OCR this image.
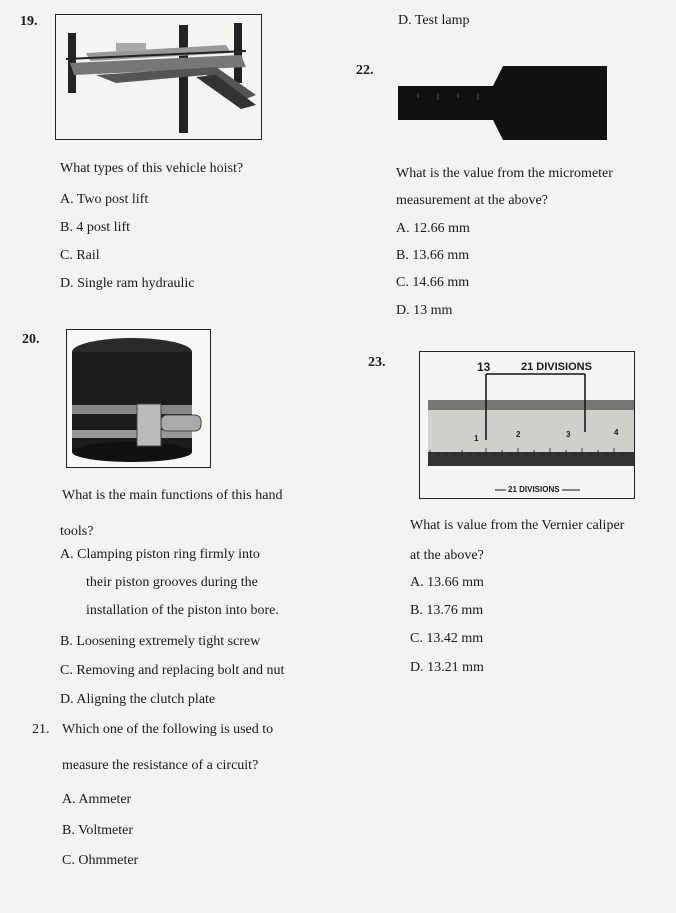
19.
What types of this vehicle hoist?
A. Two post lift
B. 4 post lift
C. Rail
D. Single ram hydraulic
D. Test lamp
22.
What is the value from the micrometer
measurement at the above?
A. 12.66 mm
B. 13.66 mm
C. 14.66 mm
D. 13 mm
20.
What is the main functions of this hand
tools?
A. Clamping piston ring firmly into
their piston grooves during the
installation of the piston into bore.
B. Loosening extremely tight screw
C. Removing and replacing bolt and nut
D. Aligning the clutch plate
23.	13	21 DIVISIONS
1	2	3	4
21 DIVISIONS
What is value from the Vernier caliper
at the above?
A. 13.66 mm
B. 13.76 mm
C. 13.42 mm
D. 13.21 mm
21. Which one of the following is used to
measure the resistance of a circuit?
A. Ammeter
B. Voltmeter
C. Ohmmeter
